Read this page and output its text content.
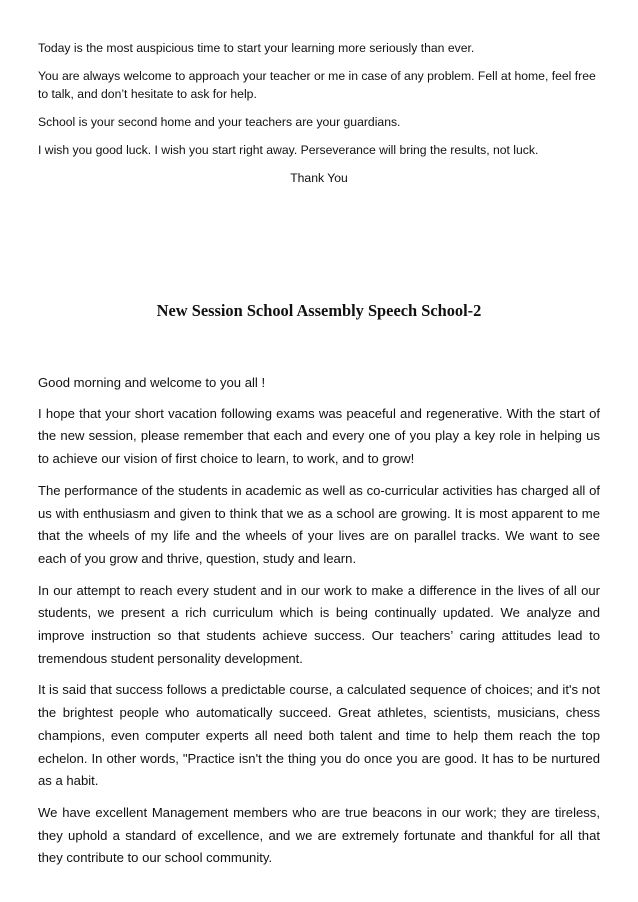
Today is the most auspicious time to start your learning more seriously than ever.

You are always welcome to approach your teacher or me in case of any problem. Fell at home, feel free to talk, and don’t hesitate to ask for help.

School is your second home and your teachers are your guardians.

I wish you good luck. I wish you start right away. Perseverance will bring the results, not luck.

Thank You

New Session School Assembly Speech School-2

Good morning and welcome to you all !

I hope that your short vacation following exams was peaceful and regenerative. With the start of the new session, please remember that each and every one of you play a key role in helping us to achieve our vision of first choice to learn, to work, and to grow!

The performance of the students in academic as well as co-curricular activities has charged all of us with enthusiasm and given to think that we as a school are growing. It is most apparent to me that the wheels of my life and the wheels of your lives are on parallel tracks. We want to see each of you grow and thrive, question, study and learn.

In our attempt to reach every student and in our work to make a difference in the lives of all our students, we present a rich curriculum which is being continually updated. We analyze and improve instruction so that students achieve success. Our teachers’ caring attitudes lead to tremendous student personality development.

It is said that success follows a predictable course, a calculated sequence of choices; and it's not the brightest people who automatically succeed. Great athletes, scientists, musicians, chess champions, even computer experts all need both talent and time to help them reach the top echelon. In other words, "Practice isn't the thing you do once you are good. It has to be nurtured as a habit.

We have excellent Management members who are true beacons in our work; they are tireless, they uphold a standard of excellence, and we are extremely fortunate and thankful for all that they contribute to our school community.
